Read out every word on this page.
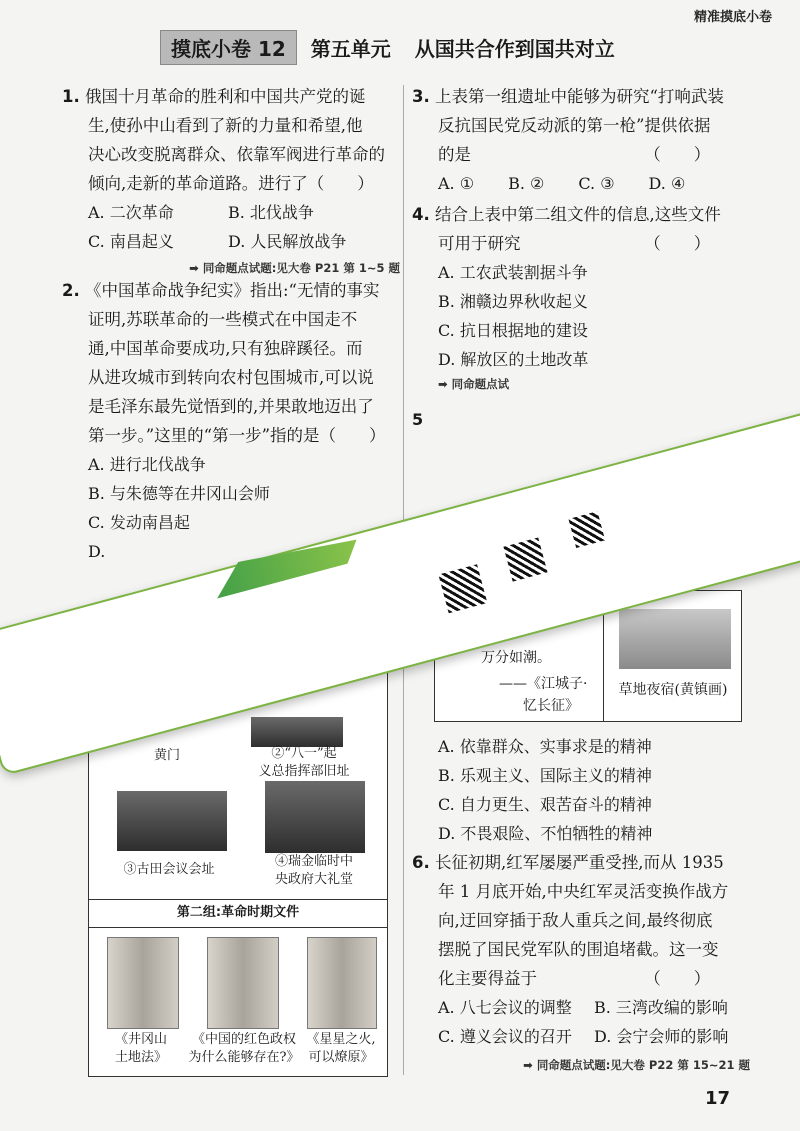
精准摸底小卷
摸底小卷 12	第五单元 从国共合作到国共对立
1. 俄国十月革命的胜利和中国共产党的诞
生,使孙中山看到了新的力量和希望,他
决心改变脱离群众、依靠军阀进行革命的
倾向,走新的革命道路。进行了（　　）
A. 二次革命	B. 北伐战争
C. 南昌起义	D. 人民解放战争
➡ 同命题点试题:见大卷 P21 第 1~5 题
2. 《中国革命战争纪实》指出:“无情的事实
证明,苏联革命的一些模式在中国走不
通,中国革命要成功,只有独辟蹊径。而
从进攻城市到转向农村包围城市,可以说
是毛泽东最先觉悟到的,并果敢地迈出了
第一步。”这里的“第一步”指的是（　　）
A. 进行北伐战争
B. 与朱德等在井冈山会师
C. 发动南昌起
D.
黄门	②“八一”起
义总指挥部旧址
③古田会议会址
④瑞金临时中
央政府大礼堂
第二组:革命时期文件
《井冈山
土地法》
《中国的红色政权
为什么能够存在?》
《星星之火,
可以燎原》
3. 上表第一组遗址中能够为研究“打响武装
反抗国民党反动派的第一枪”提供依据
的是　　　　　　　　　　　（　　）
A. ① B. ② C. ③ D. ④
4. 结合上表中第二组文件的信息,这些文件
可用于研究　　　　　　　　（　　）
A. 工农武装割据斗争
B. 湘赣边界秋收起义
C. 抗日根据地的建设
D. 解放区的土地改革
➡ 同命题点试
5
万分如潮。
——《江城子·
忆长征》
草地夜宿(黄镇画)
A. 依靠群众、实事求是的精神
B. 乐观主义、国际主义的精神
C. 自力更生、艰苦奋斗的精神
D. 不畏艰险、不怕牺牲的精神
6. 长征初期,红军屡屡严重受挫,而从 1935
年 1 月底开始,中央红军灵活变换作战方
向,迂回穿插于敌人重兵之间,最终彻底
摆脱了国民党军队的围追堵截。这一变
化主要得益于　　　　　　　（　　）
A. 八七会议的调整	B. 三湾改编的影响
C. 遵义会议的召开	D. 会宁会师的影响
➡ 同命题点试题:见大卷 P22 第 15~21 题
17
